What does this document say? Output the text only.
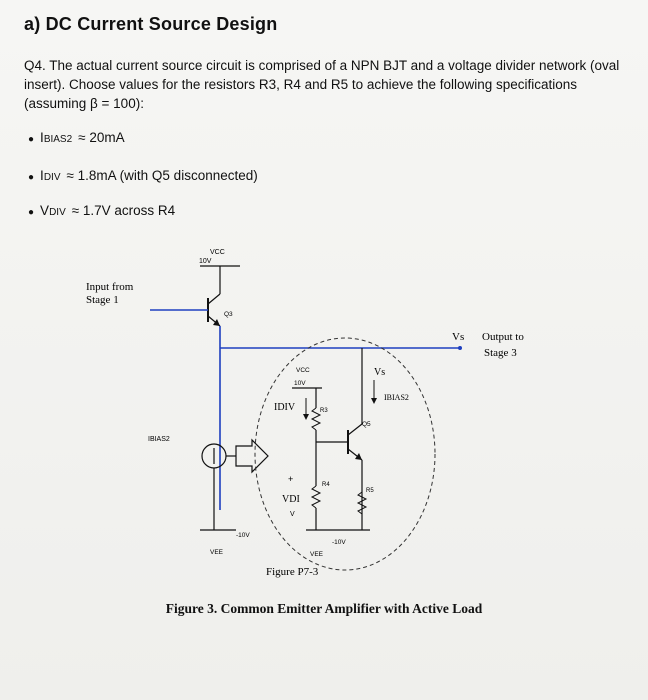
a) DC Current Source Design
Q4. The actual current source circuit is comprised of a NPN BJT and a voltage divider network (oval insert). Choose values for the resistors R3, R4 and R5 to achieve the following specifications (assuming β = 100):
● IBIAS2 ≈ 20mA
● IDIV ≈ 1.8mA (with Q5 disconnected)
● VDIV ≈ 1.7V across R4
VCC
10V
Q3
Input from
Stage 1
Vs Output to
Stage 3
IBIAS2
-10V
VEE
VCC
10V
R3
IDIV
Q5
Vs
IBIAS2
R5
R4
+
VDI
V
-10V
VEE
Figure P7-3
Figure 3. Common Emitter Amplifier with Active Load
